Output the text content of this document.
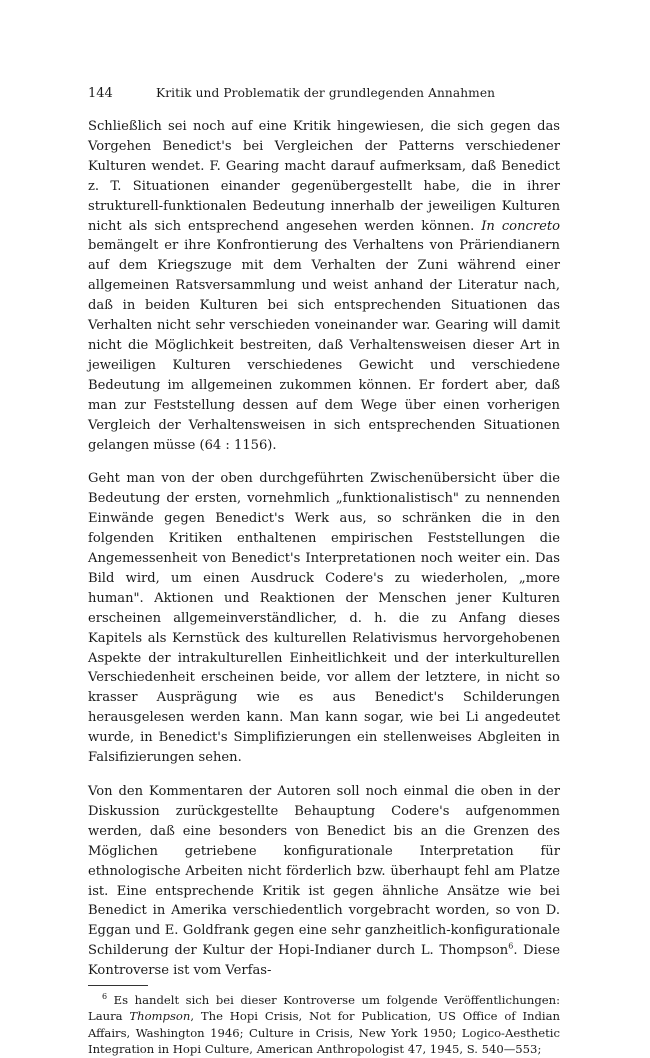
144	Kritik und Problematik der grundlegenden Annahmen

Schließlich sei noch auf eine Kritik hingewiesen, die sich gegen das Vorgehen Benedict's bei Vergleichen der Patterns verschiedener Kulturen wendet. F. Gearing macht darauf aufmerksam, daß Benedict z. T. Situationen einander gegenübergestellt habe, die in ihrer strukturell-funktionalen Bedeutung innerhalb der jeweiligen Kulturen nicht als sich entsprechend angesehen werden können. In concreto bemängelt er ihre Konfrontierung des Verhaltens von Präriendianern auf dem Kriegszuge mit dem Verhalten der Zuni während einer allgemeinen Ratsversammlung und weist anhand der Literatur nach, daß in beiden Kulturen bei sich entsprechenden Situationen das Verhalten nicht sehr verschieden voneinander war. Gearing will damit nicht die Möglichkeit bestreiten, daß Verhaltensweisen dieser Art in jeweiligen Kulturen verschiedenes Gewicht und verschiedene Bedeutung im allgemeinen zukommen können. Er fordert aber, daß man zur Feststellung dessen auf dem Wege über einen vorherigen Vergleich der Verhaltensweisen in sich entsprechenden Situationen gelangen müsse (64 : 1156).

Geht man von der oben durchgeführten Zwischenübersicht über die Bedeutung der ersten, vornehmlich „funktionalistisch" zu nennenden Einwände gegen Benedict's Werk aus, so schränken die in den folgenden Kritiken enthaltenen empirischen Feststellungen die Angemessenheit von Benedict's Interpretationen noch weiter ein. Das Bild wird, um einen Ausdruck Codere's zu wiederholen, „more human". Aktionen und Reaktionen der Menschen jener Kulturen erscheinen allgemeinverständlicher, d. h. die zu Anfang dieses Kapitels als Kernstück des kulturellen Relativismus hervorgehobenen Aspekte der intrakulturellen Einheitlichkeit und der interkulturellen Verschiedenheit erscheinen beide, vor allem der letztere, in nicht so krasser Ausprägung wie es aus Benedict's Schilderungen herausgelesen werden kann. Man kann sogar, wie bei Li angedeutet wurde, in Benedict's Simplifizierungen ein stellenweises Abgleiten in Falsifizierungen sehen.

Von den Kommentaren der Autoren soll noch einmal die oben in der Diskussion zurückgestellte Behauptung Codere's aufgenommen werden, daß eine besonders von Benedict bis an die Grenzen des Möglichen getriebene konfigurationale Interpretation für ethnologische Arbeiten nicht förderlich bzw. überhaupt fehl am Platze ist. Eine entsprechende Kritik ist gegen ähnliche Ansätze wie bei Benedict in Amerika verschiedentlich vorgebracht worden, so von D. Eggan und E. Goldfrank gegen eine sehr ganzheitlich-konfigurationale Schilderung der Kultur der Hopi-Indianer durch L. Thompson$^6$. Diese Kontroverse ist vom Verfas-

$^6$ Es handelt sich bei dieser Kontroverse um folgende Veröffentlichungen: Laura Thompson, The Hopi Crisis, Not for Publication, US Office of Indian Affairs, Washington 1946; Culture in Crisis, New York 1950; Logico-Aesthetic Integration in Hopi Culture, American Anthropologist 47, 1945, S. 540—553;
